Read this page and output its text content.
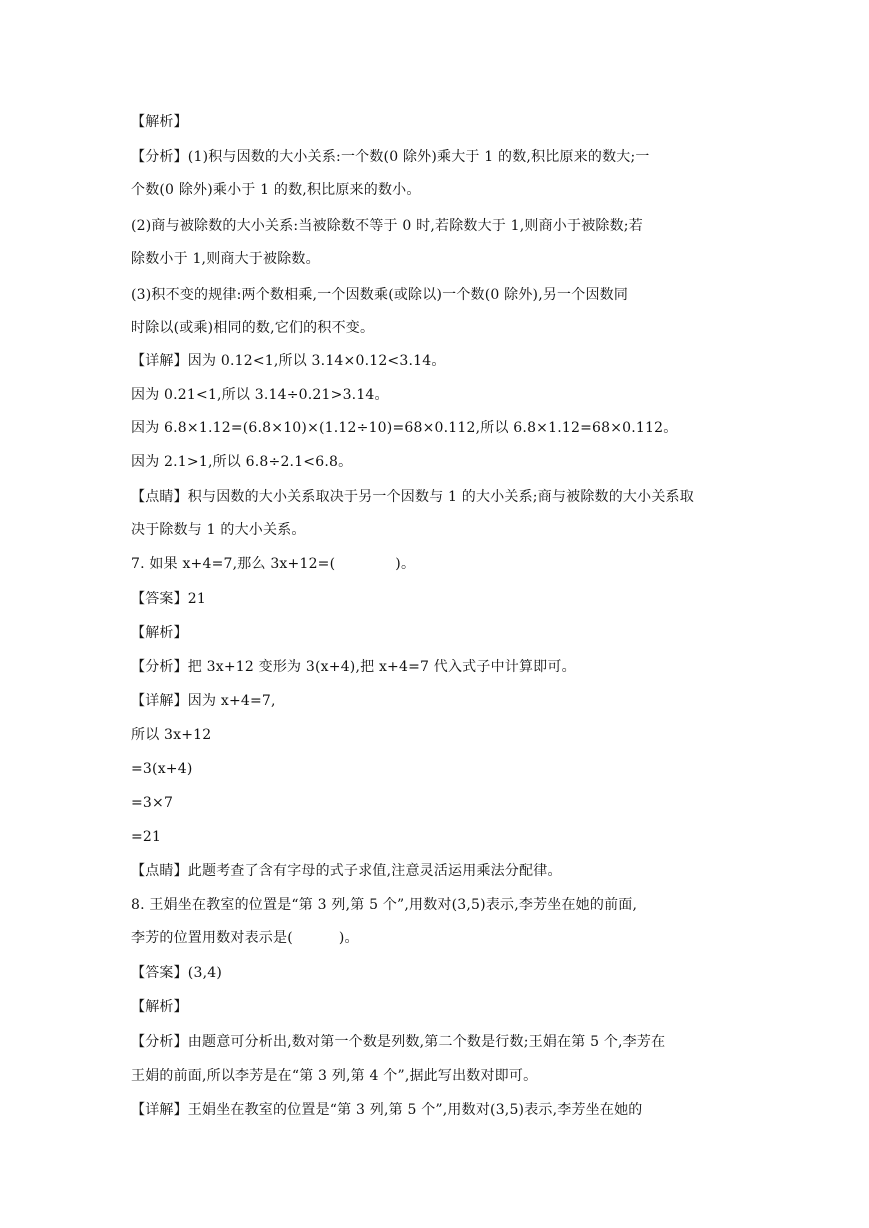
【解析】
【分析】(1)积与因数的大小关系:一个数(0 除外)乘大于 1 的数,积比原来的数大;一
个数(0 除外)乘小于 1 的数,积比原来的数小。
(2)商与被除数的大小关系:当被除数不等于 0 时,若除数大于 1,则商小于被除数;若
除数小于 1,则商大于被除数。
(3)积不变的规律:两个数相乘,一个因数乘(或除以)一个数(0 除外),另一个因数同
时除以(或乘)相同的数,它们的积不变。
【详解】因为 0.12<1,所以 3.14×0.12<3.14。
因为 0.21<1,所以 3.14÷0.21>3.14。
因为 6.8×1.12=(6.8×10)×(1.12÷10)=68×0.112,所以 6.8×1.12=68×0.112。
因为 2.1>1,所以 6.8÷2.1<6.8。
【点睛】积与因数的大小关系取决于另一个因数与 1 的大小关系;商与被除数的大小关系取
决于除数与 1 的大小关系。
7. 如果 x+4=7,那么 3x+12=(	)。
【答案】21
【解析】
【分析】把 3x+12 变形为 3(x+4),把 x+4=7 代入式子中计算即可。
【详解】因为 x+4=7,
所以 3x+12
=3(x+4)
=3×7
=21
【点睛】此题考查了含有字母的式子求值,注意灵活运用乘法分配律。
8. 王娟坐在教室的位置是“第 3 列,第 5 个”,用数对(3,5)表示,李芳坐在她的前面,
李芳的位置用数对表示是(	)。
【答案】(3,4)
【解析】
【分析】由题意可分析出,数对第一个数是列数,第二个数是行数;王娟在第 5 个,李芳在
王娟的前面,所以李芳是在“第 3 列,第 4 个”,据此写出数对即可。
【详解】王娟坐在教室的位置是“第 3 列,第 5 个”,用数对(3,5)表示,李芳坐在她的
